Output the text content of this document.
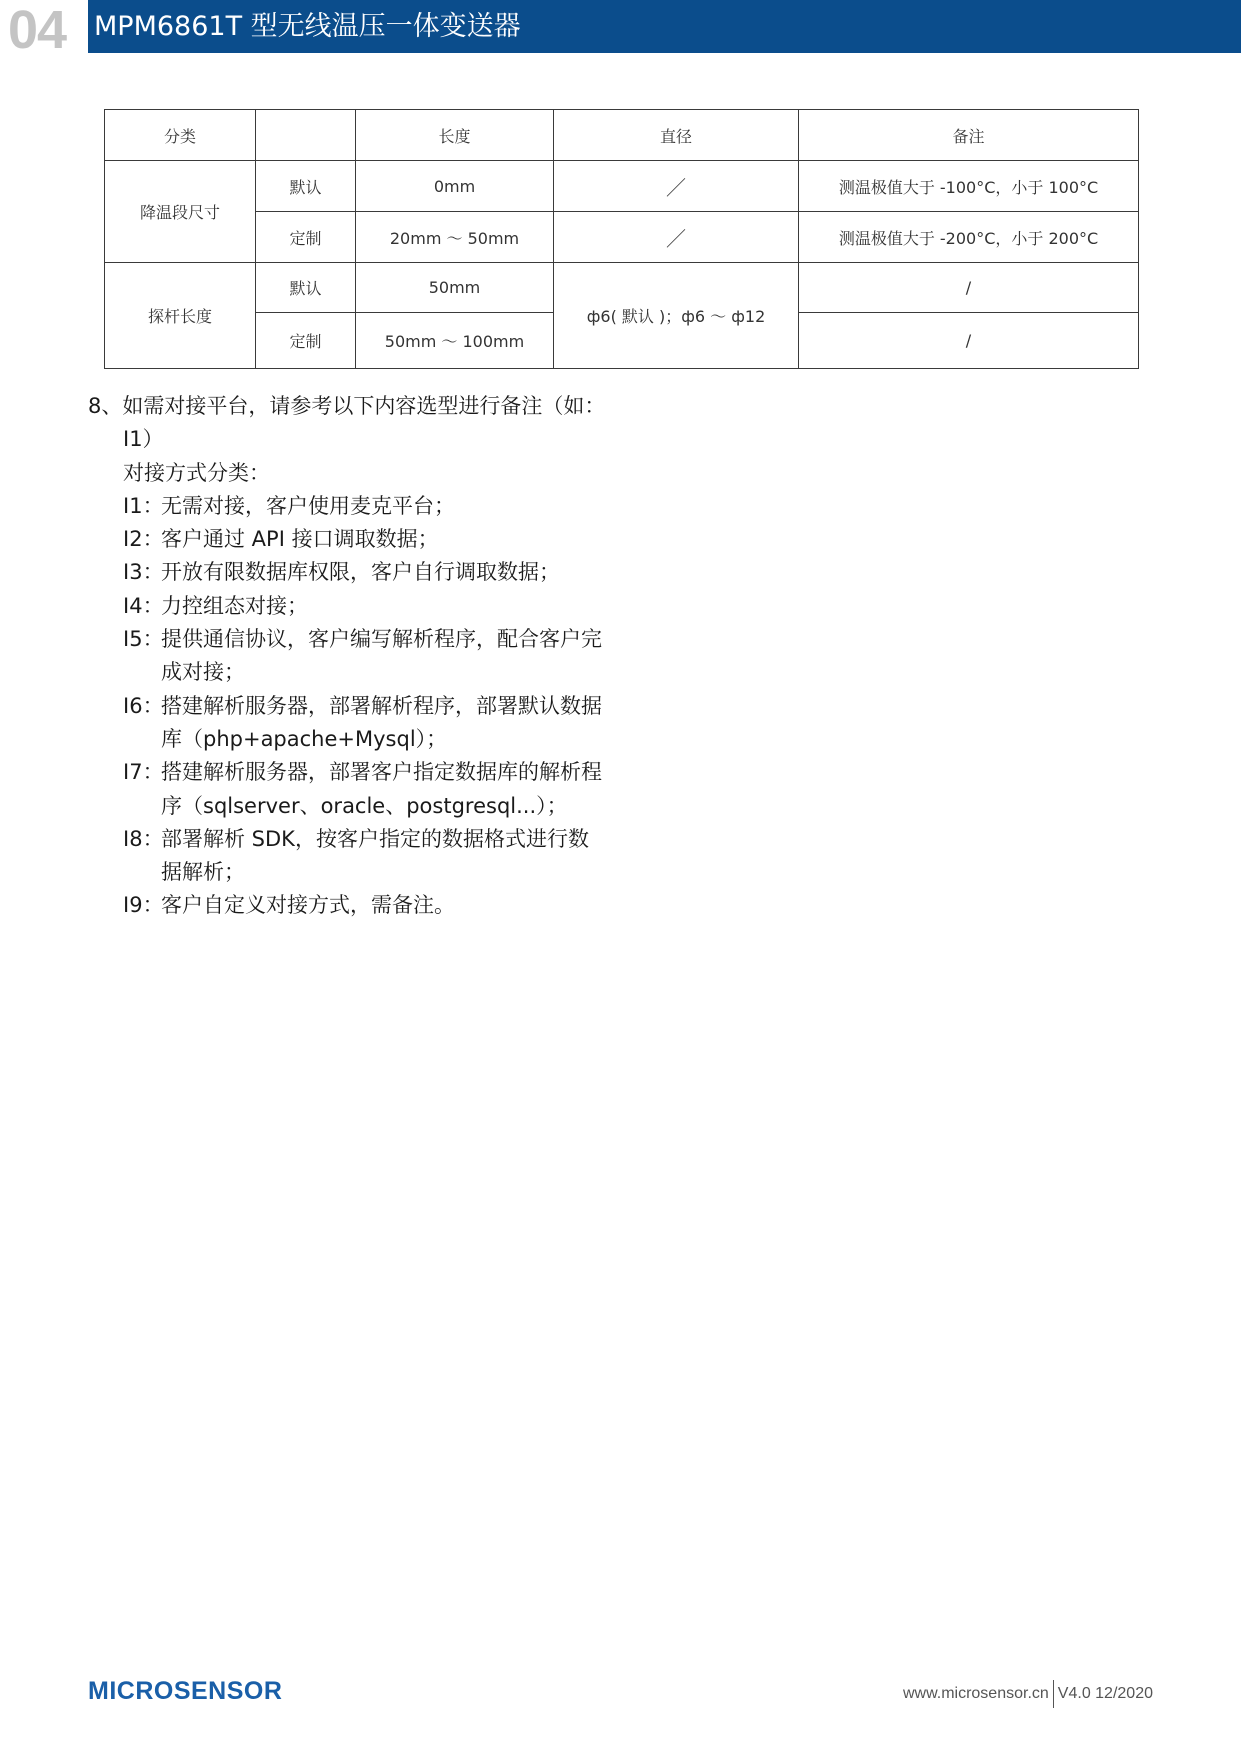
04 MPM6861T 型无线温压一体变送器
分类		长度	直径	备注
降温段尺寸	默认	0mm	／	测温极值大于 -100°C，小于 100°C
	定制	20mm ～ 50mm	／	测温极值大于 -200°C，小于 200°C
探杆长度	默认	50mm	ф6( 默认 )；ф6 ～ ф12	/
	定制	50mm ～ 100mm		/
8、如需对接平台，请参考以下内容选型进行备注（如：
I1）
对接方式分类：
I1 ： 无需对接，客户使用麦克平台；
I2 ： 客户通过 API 接口调取数据；
I3 ： 开放有限数据库权限，客户自行调取数据；
I4 ： 力控组态对接；
I5 ： 提供通信协议，客户编写解析程序，配合客户完成对接；
I6 ： 搭建解析服务器，部署解析程序，部署默认数据库（php+apache+Mysql）；
I7 ： 搭建解析服务器，部署客户指定数据库的解析程序（sqlserver、oracle、postgresql...）；
I8 ： 部署解析 SDK，按客户指定的数据格式进行数据解析；
I9 ： 客户自定义对接方式，需备注。
MICROSENSOR	www.microsensor.cn V4.0 12/2020
